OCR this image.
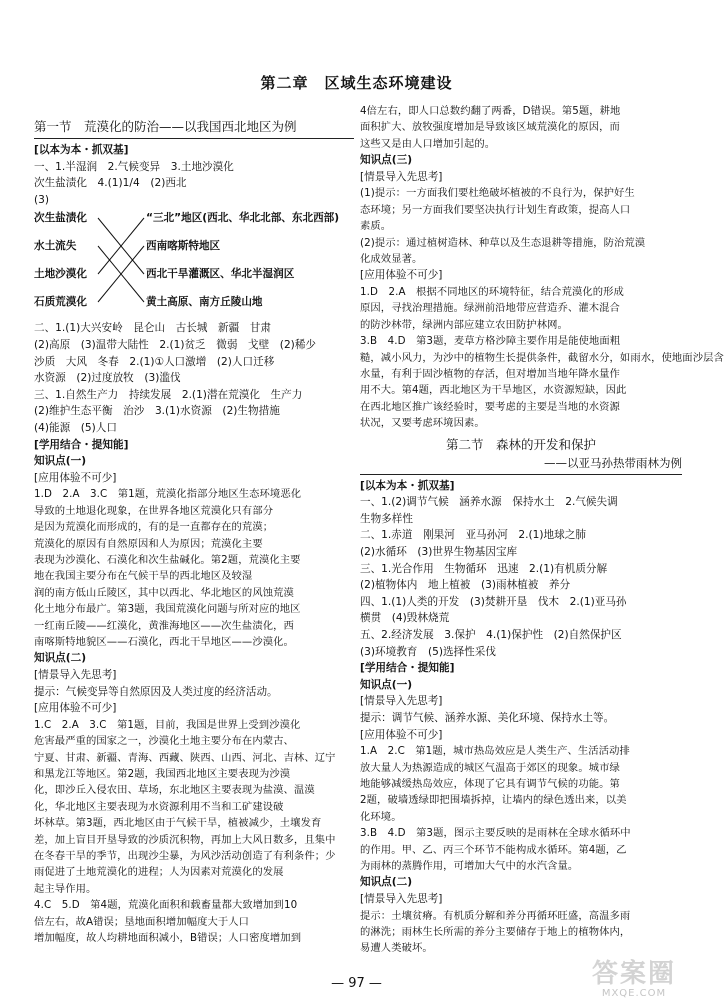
第二章　区域生态环境建设
第一节　荒漠化的防治——以我国西北地区为例
[以本为本・抓双基]
一、1.半湿润　2.气候变异　3.土地沙漠化
次生盐渍化　4.(1)1/4　(2)西北
(3)
次生盐渍化
水土流失
土地沙漠化
石质荒漠化
“三北”地区(西北、华北北部、东北西部)
西南喀斯特地区
西北干旱灌溉区、华北半湿润区
黄土高原、南方丘陵山地
二、1.(1)大兴安岭　昆仑山　古长城　新疆　甘肃
(2)高原　(3)温带大陆性　2.(1)贫乏　微弱　戈壁　(2)稀少
沙质　大风　冬春　2.(1)①人口激增　(2)人口迁移
水资源　(2)过度放牧　(3)滥伐
三、1.自然生产力　持续发展　2.(1)潜在荒漠化　生产力
(2)维护生态平衡　治沙　3.(1)水资源　(2)生物措施
(4)能源　(5)人口
[学用结合・提知能]
知识点(一)
[应用体验不可少]
1.D　2.A　3.C　第1题，荒漠化指部分地区生态环境恶化
导致的土地退化现象，在世界各地区荒漠化只有部分
是因为荒漠化而形成的，有的是一直都存在的荒漠；
荒漠化的原因有自然原因和人为原因；荒漠化主要
表现为沙漠化、石漠化和次生盐碱化。第2题，荒漠化主要
地在我国主要分布在气候干旱的西北地区及较湿
润的南方低山丘陵区，其中以西北、华北地区的风蚀荒漠
化土地分布最广。第3题，我国荒漠化问题与所对应的地区
一红南丘陵——红漠化，黄淮海地区——次生盐渍化，西
南喀斯特地貌区——石漠化，西北干旱地区——沙漠化。
知识点(二)
[情景导入先思考]
提示：气候变异等自然原因及人类过度的经济活动。
[应用体验不可少]
1.C　2.A　3.C　第1题，目前，我国是世界上受到沙漠化
危害最严重的国家之一，沙漠化土地主要分布在内蒙古、
宁夏、甘肃、新疆、青海、西藏、陕西、山西、河北、吉林、辽宁
和黑龙江等地区。第2题，我国西北地区主要表现为沙漠
化，即沙丘入侵农田、草场，东北地区主要表现为盐漠、温漠
化，华北地区主要表现为水资源利用不当和工矿建设破
坏林草。第3题，西北地区由于气候干旱，植被减少，土壤发育
差，加上盲目开垦导致的沙质沉积物，再加上大风日数多，且集中
在冬春干旱的季节，出现沙尘暴，为风沙活动创造了有利条件；少
雨促进了土地荒漠化的进程；人为因素对荒漠化的发展
起主导作用。
4.C　5.D　第4题，荒漠化面积和载畜量都大致增加到10
倍左右，故A错误；垦地面积增加幅度大于人口
增加幅度，故人均耕地面积减小，B错误；人口密度增加到
4倍左右，即人口总数约翻了两番，D错误。第5题，耕地
面积扩大、放牧强度增加是导致该区域荒漠化的原因，而
这些又是由人口增加引起的。
知识点(三)
[情景导入先思考]
(1)提示：一方面我们要杜绝破坏植被的不良行为，保护好生
态环境；另一方面我们要坚决执行计划生育政策，提高人口
素质。
(2)提示：通过植树造林、种草以及生态退耕等措施，防治荒漠
化成效显著。
[应用体验不可少]
1.D　2.A　根据不同地区的环境特征，结合荒漠化的形成
原因，寻找治理措施。绿洲前沿地带应营造乔、灌木混合
的防沙林带，绿洲内部应建立农田防护林网。
3.B　4.D　第3题，麦草方格沙障主要作用是能使地面粗
糙，减小风力，为沙中的植物生长提供条件，截留水分，如雨水，使地面沙层含
水量，有利于固沙植物的存活，但对增加当地年降水量作
用不大。第4题，西北地区为干旱地区，水资源短缺，因此
在西北地区推广该经验时，要考虑的主要是当地的水资源
状况，又要考虑环境因素。
第二节　森林的开发和保护
——以亚马孙热带雨林为例
[以本为本・抓双基]
一、1.(2)调节气候　涵养水源　保持水土　2.气候失调
生物多样性
二、1.赤道　刚果河　亚马孙河　2.(1)地球之肺
(2)水循环　(3)世界生物基因宝库
三、1.光合作用　生物循环　迅速　2.(1)有机质分解
(2)植物体内　地上植被　(3)雨林植被　养分
四、1.(1)人类的开发　(3)焚耕开垦　伐木　2.(1)亚马孙
横贯　(4)毁林烧荒
五、2.经济发展　3.保护　4.(1)保护性　(2)自然保护区
(3)环境教育　(5)选择性采伐
[学用结合・提知能]
知识点(一)
[情景导入先思考]
提示：调节气候、涵养水源、美化环境、保持水土等。
[应用体验不可少]
1.A　2.C　第1题，城市热岛效应是人类生产、生活活动排
放大量人为热源造成的城区气温高于郊区的现象。城市绿
地能够减缓热岛效应，体现了它具有调节气候的功能。第
2题，破墙透绿即把围墙拆掉，让墙内的绿色透出来，以美
化环境。
3.B　4.D　第3题，图示主要反映的是雨林在全球水循环中
的作用。甲、乙、丙三个环节不能构成水循环。第4题，乙
为雨林的蒸腾作用，可增加大气中的水汽含量。
知识点(二)
[情景导入先思考]
提示：土壤贫瘠。有机质分解和养分再循环旺盛，高温多雨
的淋洗；雨林生长所需的养分主要储存于地上的植物体内，
易遭人类破坏。
— 97 —	答案圈
MXQE.COM
